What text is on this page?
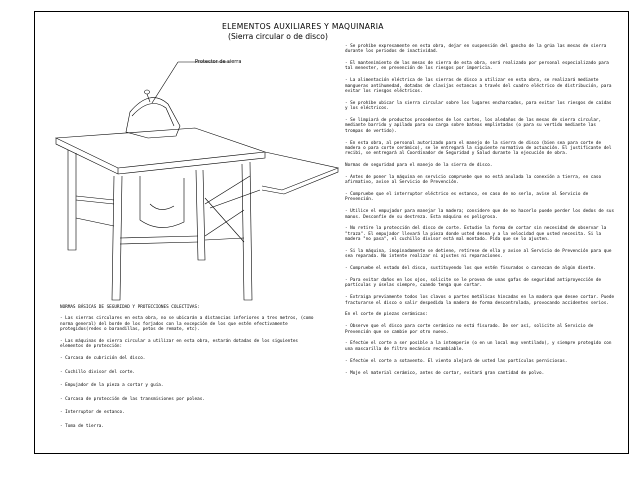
ELEMENTOS AUXILIARES Y MAQUINARIA
(Sierra circular o de disco)
Protector de sierra
NORMAS BÁSICAS DE SEGURIDAD Y PROTECCIONES COLECTIVAS:
- Las sierras circulares en esta obra, no se ubicarán a distancias inferiores a tres metros, (como norma general) del borde de los forjados con la excepción de los que estén efectivamente protegidos(redes o barandillas, petos de remate, etc).
- Las máquinas de sierra circular a utilizar en esta obra, estarán dotadas de los siguientes elementos de protección:
- Carcasa de cubrición del disco.
- Cuchillo divisor del corte.
- Empujador de la pieza a cortar y guía.
- Carcasa de protección de las transmisiones por poleas.
- Interruptor de estanco.
- Toma de tierra.
- Se prohíbe expresamente en esta obra, dejar en suspensión del gancho de la grúa las mesas de sierra durante los periodos de inactividad.
- El mantenimiento de las mesas de sierra de esta obra, será realizado por personal especializado para tal menester, en prevención de los riesgos por impericia.
- La alimentación eléctrica de las sierras de disco a utilizar en esta obra, se realizará mediante mangueras antihumedad, dotadas de clavijas estancas a través del cuadro eléctrico de distribución, para evitar los riesgos eléctricos.
- Se prohíbe ubicar la sierra circular sobre los lugares encharcados, para evitar los riesgos de caídas y los eléctricos.
- Se limpiará de productos procedentes de los cortes, los aledaños de las mesas de sierra circular, mediante barrido y apilado para su carga sobre bateas emplintadas (o para su vertido mediante las trompas de vertido).
- En esta obra, al personal autorizado para el manejo de la sierra de disco (bien sea para corte de madera o para corte cerámico), se le entregará la siguiente normativa de actuación. El justificante del recibí, se entregará al Coordinador de Seguridad y Salud durante la ejecución de obra.
Normas de seguridad para el manejo de la sierra de disco.
- Antes de poner la máquina en servicio compruebe que no está anulada la conexión a tierra, en caso afirmativo, avise al Servicio de Prevención.
- Compruebe que el interruptor eléctrico es estanco, en caso de no serlo, avise al Servicio de Prevención.
- Utilice el empujador para manejar la madera; considere que de no hacerlo puede perder los dedos de sus manos. Desconfíe de su destreza. Esta máquina es peligrosa.
- No retire la protección del disco de corte. Estudie la forma de cortar sin necesidad de observar la "traza". El empujador llevará la pieza donde usted desea y a la velocidad que usted necesita. Si la madera "no pasa", el cuchillo divisor está mal montado. Pida que se lo ajusten.
- Si la máquina, inopinadamente se detiene, retírese de ella y avise al Servicio de Prevención para que sea reparada. No intente realizar ni ajustes ni reparaciones.
- Compruebe el estado del disco, sustituyendo los que estén fisurados o carezcan de algún diente.
- Para evitar daños en los ojos, solicite se le provea de unas gafas de seguridad antiproyección de partículas y úselas siempre, cuando tenga que cortar.
- Extraiga previamente todos los clavos o partes metálicas hincadas en la madera que desee cortar. Puede fracturarse el disco o salir despedida la madera de forma descontrolada, provocando accidentes serios.
En el corte de piezas cerámicas:
- Observe que el disco para corte cerámico no está fisurado. De ser así, solicite al Servicio de Prevención que se cambie por otro nuevo.
- Efectúe el corte a ser posible a la intemperie (o en un local muy ventilado), y siempre protegido con una mascarilla de filtro mecánico recambiable.
- Efectúe el corte a sotavento. El viento alejará de usted las partículas perniciosas.
- Moje el material cerámico, antes de cortar, evitará gran cantidad de polvo.
